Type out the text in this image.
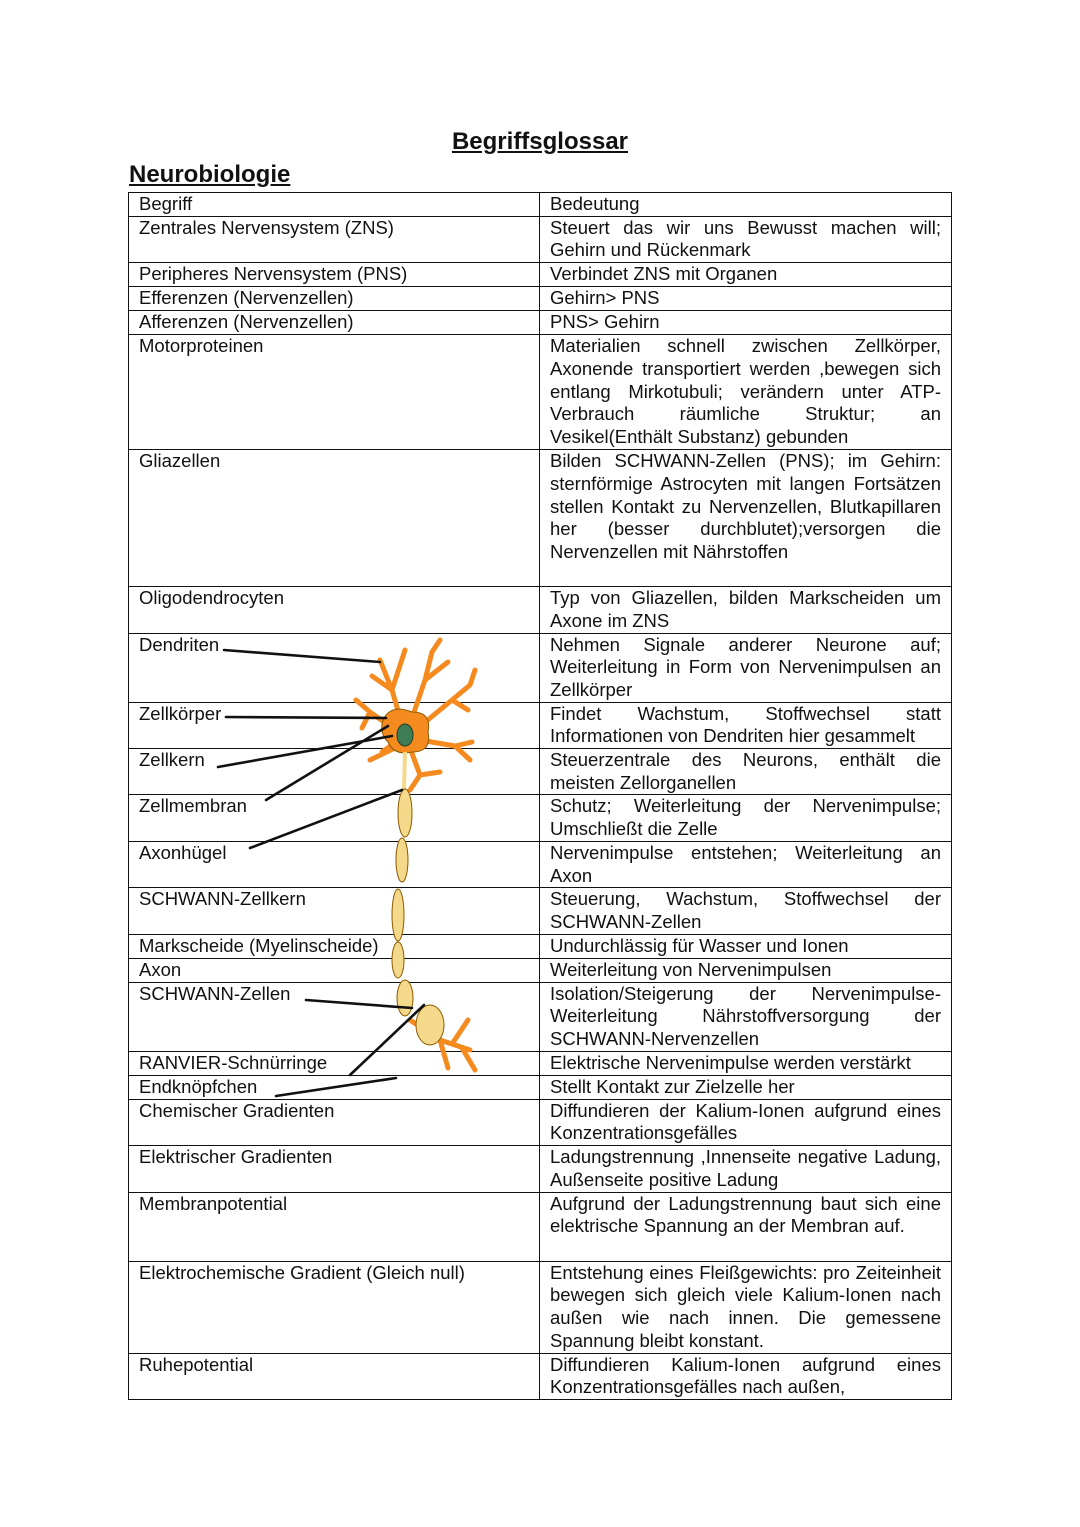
Begriffsglossar
Neurobiologie
Begriff	Bedeutung
Zentrales Nervensystem (ZNS)	Steuert das wir uns Bewusst machen will; Gehirn und Rückenmark
Peripheres Nervensystem (PNS)	Verbindet ZNS mit Organen
Efferenzen (Nervenzellen)	Gehirn> PNS
Afferenzen (Nervenzellen)	PNS> Gehirn
Motorproteinen	Materialien schnell zwischen Zellkörper, Axonende transportiert werden ,bewegen sich entlang Mirkotubuli; verändern unter ATP-Verbrauch räumliche Struktur; an Vesikel(Enthält Substanz) gebunden
Gliazellen	Bilden SCHWANN-Zellen (PNS); im Gehirn: sternförmige Astrocyten mit langen Fortsätzen stellen Kontakt zu Nervenzellen, Blutkapillaren her (besser durchblutet);versorgen die Nervenzellen mit Nährstoffen
Oligodendrocyten	Typ von Gliazellen, bilden Markscheiden um Axone im ZNS
Dendriten	Nehmen Signale anderer Neurone auf; Weiterleitung in Form von Nervenimpulsen an Zellkörper
Zellkörper	Findet Wachstum, Stoffwechsel statt Informationen von Dendriten hier gesammelt
Zellkern	Steuerzentrale des Neurons, enthält die meisten Zellorganellen
Zellmembran	Schutz; Weiterleitung der Nervenimpulse; Umschließt die Zelle
Axonhügel	Nervenimpulse entstehen; Weiterleitung an Axon
SCHWANN-Zellkern	Steuerung, Wachstum, Stoffwechsel der SCHWANN-Zellen
Markscheide (Myelinscheide)	Undurchlässig für Wasser und Ionen
Axon	Weiterleitung von Nervenimpulsen
SCHWANN-Zellen	Isolation/Steigerung der Nervenimpulse- Weiterleitung Nährstoffversorgung der SCHWANN-Nervenzellen
RANVIER-Schnürringe	Elektrische Nervenimpulse werden verstärkt
Endknöpfchen	Stellt Kontakt zur Zielzelle her
Chemischer Gradienten	Diffundieren der Kalium-Ionen aufgrund eines Konzentrationsgefälles
Elektrischer Gradienten	Ladungstrennung ,Innenseite negative Ladung, Außenseite positive Ladung
Membranpotential	Aufgrund der Ladungstrennung baut sich eine elektrische Spannung an der Membran auf.
Elektrochemische Gradient (Gleich null)	Entstehung eines Fleißgewichts: pro Zeiteinheit bewegen sich gleich viele Kalium-Ionen nach außen wie nach innen. Die gemessene Spannung bleibt konstant.
Ruhepotential	Diffundieren Kalium-Ionen aufgrund eines Konzentrationsgefälles nach außen,
